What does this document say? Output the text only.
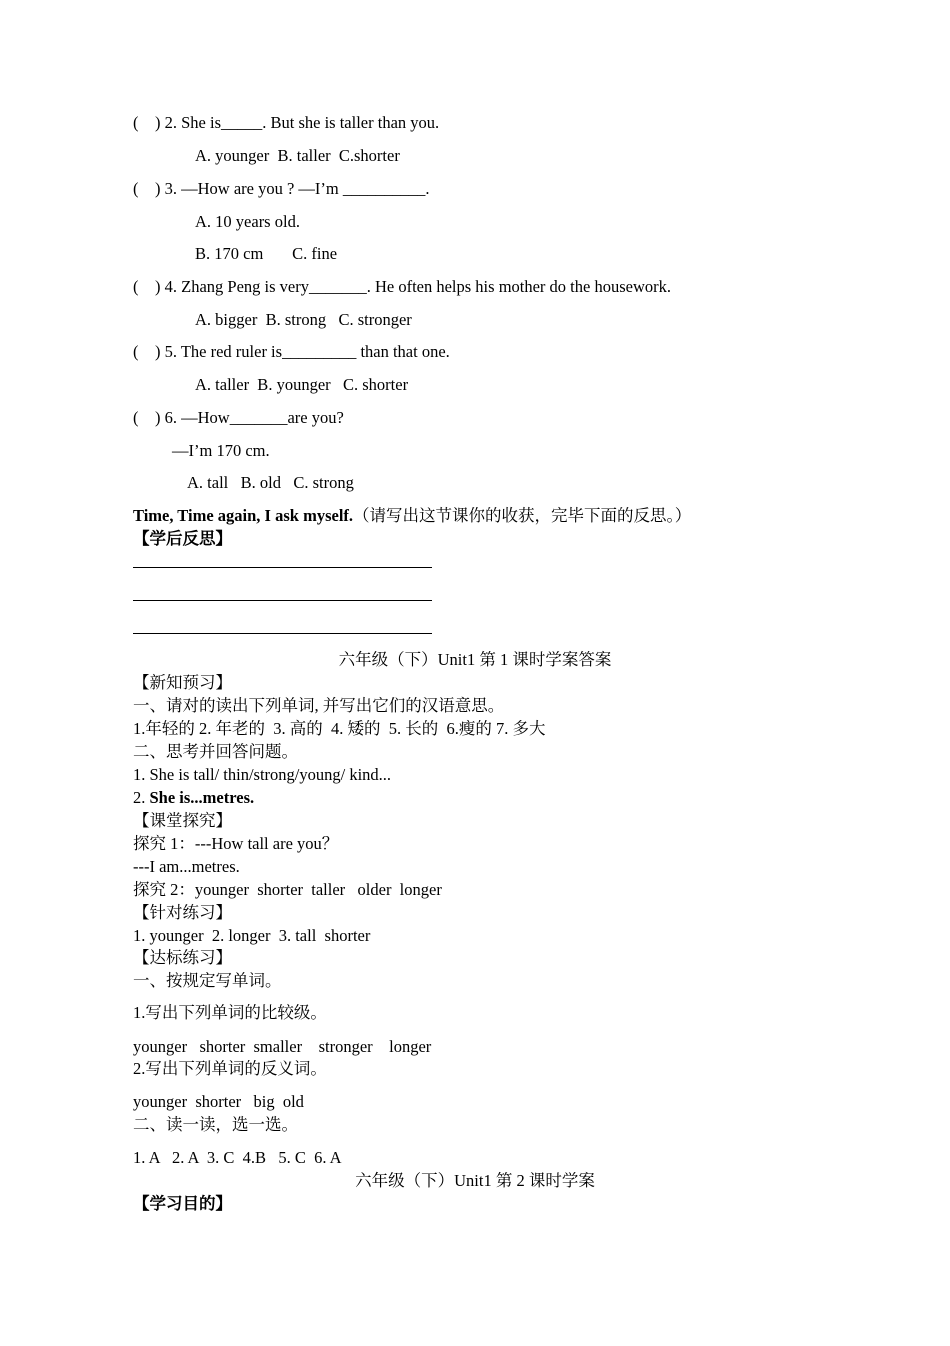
(    ) 2. She is_____. But she is taller than you.
A. younger  B. taller  C.shorter
(    ) 3. —How are you ? —I’m __________.
A. 10 years old.
B. 170 cm       C. fine
(    ) 4. Zhang Peng is very_______. He often helps his mother do the housework.
A. bigger  B. strong   C. stronger
(    ) 5. The red ruler is_________ than that one.
A. taller  B. younger   C. shorter
(    ) 6. —How_______are you?
—I’m 170 cm.
A. tall   B. old   C. strong
Time, Time again, I ask myself.（请写出这节课你的收获，完毕下面的反思。）
【学后反思】
六年级（下）Unit1 第 1 课时学案答案
【新知预习】
一、请对的读出下列单词, 并写出它们的汉语意思。
1.年轻的 2. 年老的  3. 高的  4. 矮的  5. 长的  6.瘦的 7. 多大
二、思考并回答问题。
1. She is tall/ thin/strong/young/ kind...
2. She is...metres.
【课堂探究】
探究 1：---How tall are you？
---I am...metres.
探究 2：younger  shorter  taller   older  longer
【针对练习】
1. younger  2. longer  3. tall  shorter
【达标练习】
一、按规定写单词。
1.写出下列单词的比较级。
younger   shorter  smaller    stronger    longer
2.写出下列单词的反义词。
younger  shorter   big  old
二、读一读，选一选。
1. A   2. A  3. C  4.B   5. C  6. A
六年级（下）Unit1 第 2 课时学案
【学习目的】
